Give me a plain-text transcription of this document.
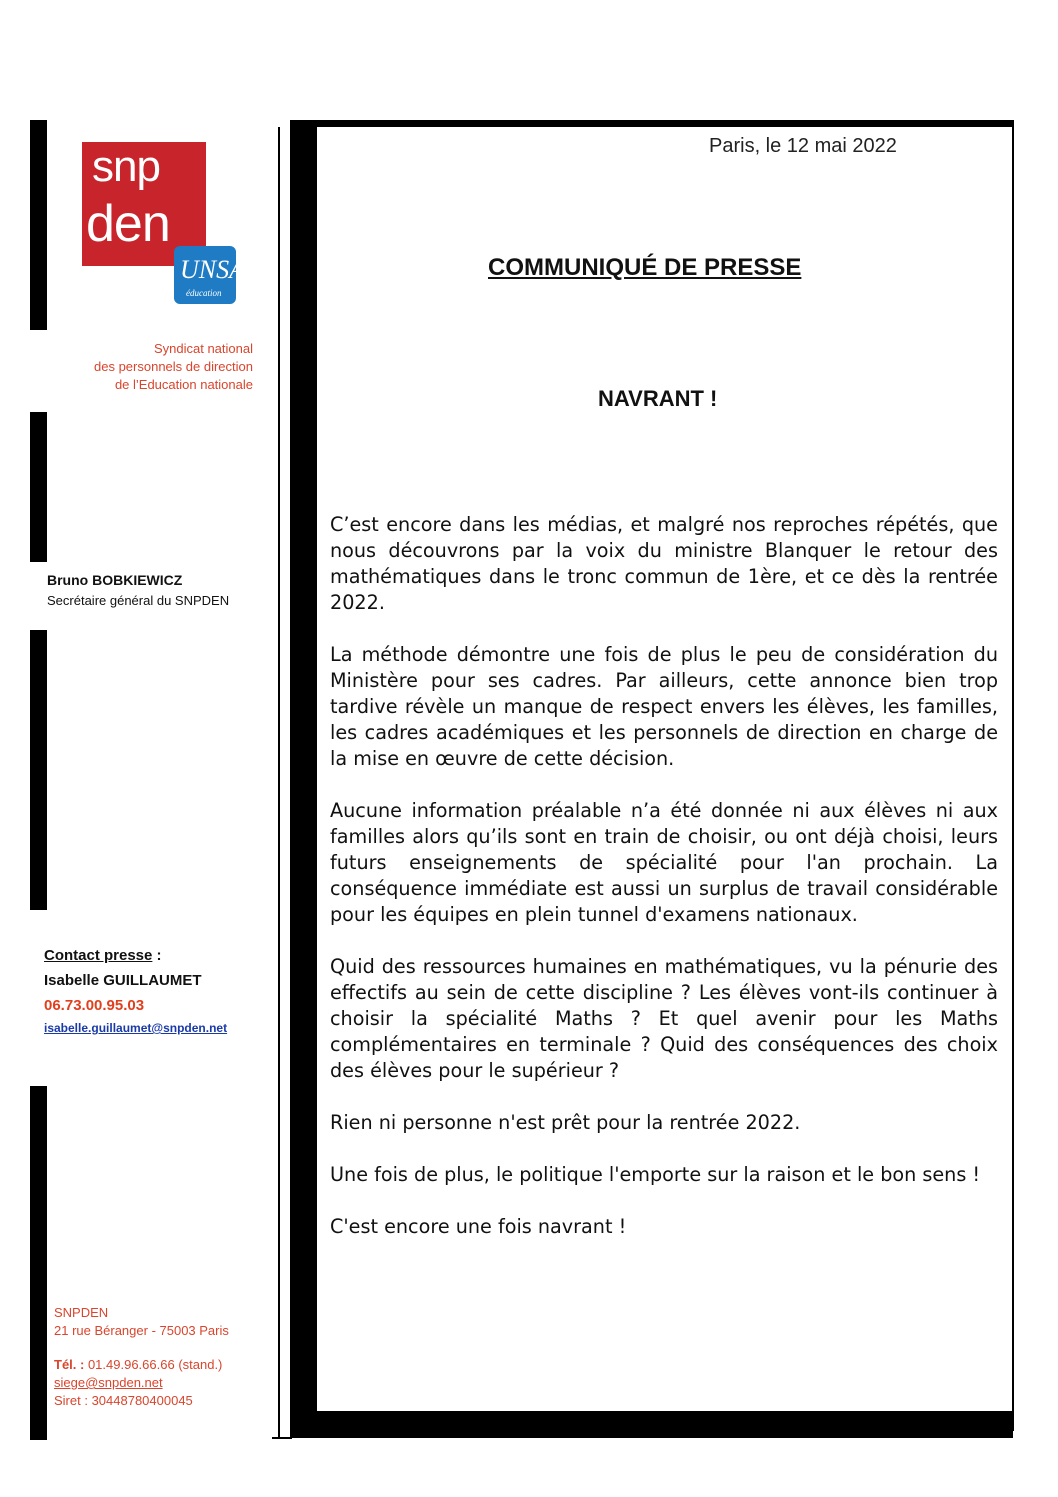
snp
den
UNSA
éducation
Syndicat national
des personnels de direction
de l’Education nationale
Bruno BOBKIEWICZ
Secrétaire général du SNPDEN
Contact presse :
Isabelle GUILLAUMET
06.73.00.95.03
isabelle.guillaumet@snpden.net
SNPDEN
21 rue Béranger - 75003 Paris
Tél. : 01.49.96.66.66 (stand.)
siege@snpden.net
Siret : 30448780400045
Paris, le 12 mai 2022
COMMUNIQUÉ DE PRESSE
NAVRANT !

C’est encore dans les médias, et malgré nos reproches répétés, que nous découvrons par la voix du ministre Blanquer le retour des mathématiques dans le tronc commun de 1ère, et ce dès la rentrée 2022.

La méthode démontre une fois de plus le peu de considération du Ministère pour ses cadres. Par ailleurs, cette annonce bien trop tardive révèle un manque de respect envers les élèves, les familles, les cadres académiques et les personnels de direction en charge de la mise en œuvre de cette décision.

Aucune information préalable n’a été donnée ni aux élèves ni aux familles alors qu’ils sont en train de choisir, ou ont déjà choisi, leurs futurs enseignements de spécialité pour l'an prochain. La conséquence immédiate est aussi un surplus de travail considérable pour les équipes en plein tunnel d'examens nationaux.

Quid des ressources humaines en mathématiques, vu la pénurie des effectifs au sein de cette discipline ? Les élèves vont-ils continuer à choisir la spécialité Maths ? Et quel avenir pour les Maths complémentaires en terminale ? Quid des conséquences des choix des élèves pour le supérieur ?

Rien ni personne n'est prêt pour la rentrée 2022.

Une fois de plus, le politique l'emporte sur la raison et le bon sens !

C'est encore une fois navrant !
